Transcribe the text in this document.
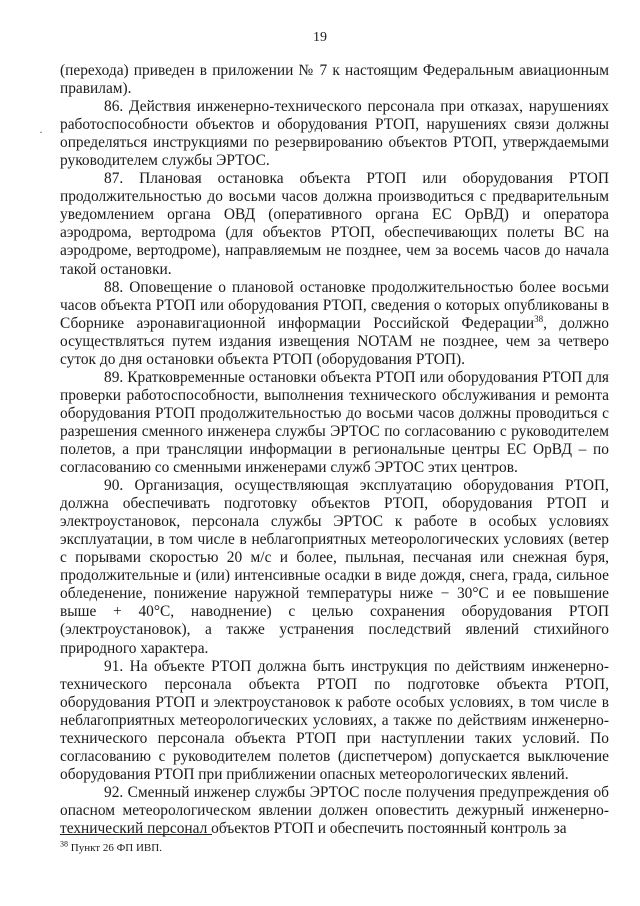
19
·

(перехода) приведен в приложении № 7 к настоящим Федеральным авиационным правилам).

86. Действия инженерно-технического персонала при отказах, нарушениях работоспособности объектов и оборудования РТОП, нарушениях связи должны определяться инструкциями по резервированию объектов РТОП, утверждаемыми руководителем службы ЭРТОС.

87. Плановая остановка объекта РТОП или оборудования РТОП продолжительностью до восьми часов должна производиться с предварительным уведомлением органа ОВД (оперативного органа ЕС ОрВД) и оператора аэродрома, вертодрома (для объектов РТОП, обеспечивающих полеты ВС на аэродроме, вертодроме), направляемым не позднее, чем за восемь часов до начала такой остановки.

88. Оповещение о плановой остановке продолжительностью более восьми часов объекта РТОП или оборудования РТОП, сведения о которых опубликованы в Сборнике аэронавигационной информации Российской Федерации$^{38}$, должно осуществляться путем издания извещения NOTAM не позднее, чем за четверо суток до дня остановки объекта РТОП (оборудования РТОП).

89. Кратковременные остановки объекта РТОП или оборудования РТОП для проверки работоспособности, выполнения технического обслуживания и ремонта оборудования РТОП продолжительностью до восьми часов должны проводиться с разрешения сменного инженера службы ЭРТОС по согласованию с руководителем полетов, а при трансляции информации в региональные центры ЕС ОрВД – по согласованию со сменными инженерами служб ЭРТОС этих центров.

90. Организация, осуществляющая эксплуатацию оборудования РТОП, должна обеспечивать подготовку объектов РТОП, оборудования РТОП и электроустановок, персонала службы ЭРТОС к работе в особых условиях эксплуатации, в том числе в неблагоприятных метеорологических условиях (ветер с порывами скоростью 20 м/с и более, пыльная, песчаная или снежная буря, продолжительные и (или) интенсивные осадки в виде дождя, снега, града, сильное обледенение, понижение наружной температуры ниже − 30°С и ее повышение выше + 40°С, наводнение) с целью сохранения оборудования РТОП (электроустановок), а также устранения последствий явлений стихийного природного характера.

91. На объекте РТОП должна быть инструкция по действиям инженерно-технического персонала объекта РТОП по подготовке объекта РТОП, оборудования РТОП и электроустановок к работе особых условиях, в том числе в неблагоприятных метеорологических условиях, а также по действиям инженерно-технического персонала объекта РТОП при наступлении таких условий. По согласованию с руководителем полетов (диспетчером) допускается выключение оборудования РТОП при приближении опасных метеорологических явлений.

92. Сменный инженер службы ЭРТОС после получения предупреждения об опасном метеорологическом явлении должен оповестить дежурный инженерно-технический персонал объектов РТОП и обеспечить постоянный контроль за

$^{38}$ Пункт 26 ФП ИВП.
